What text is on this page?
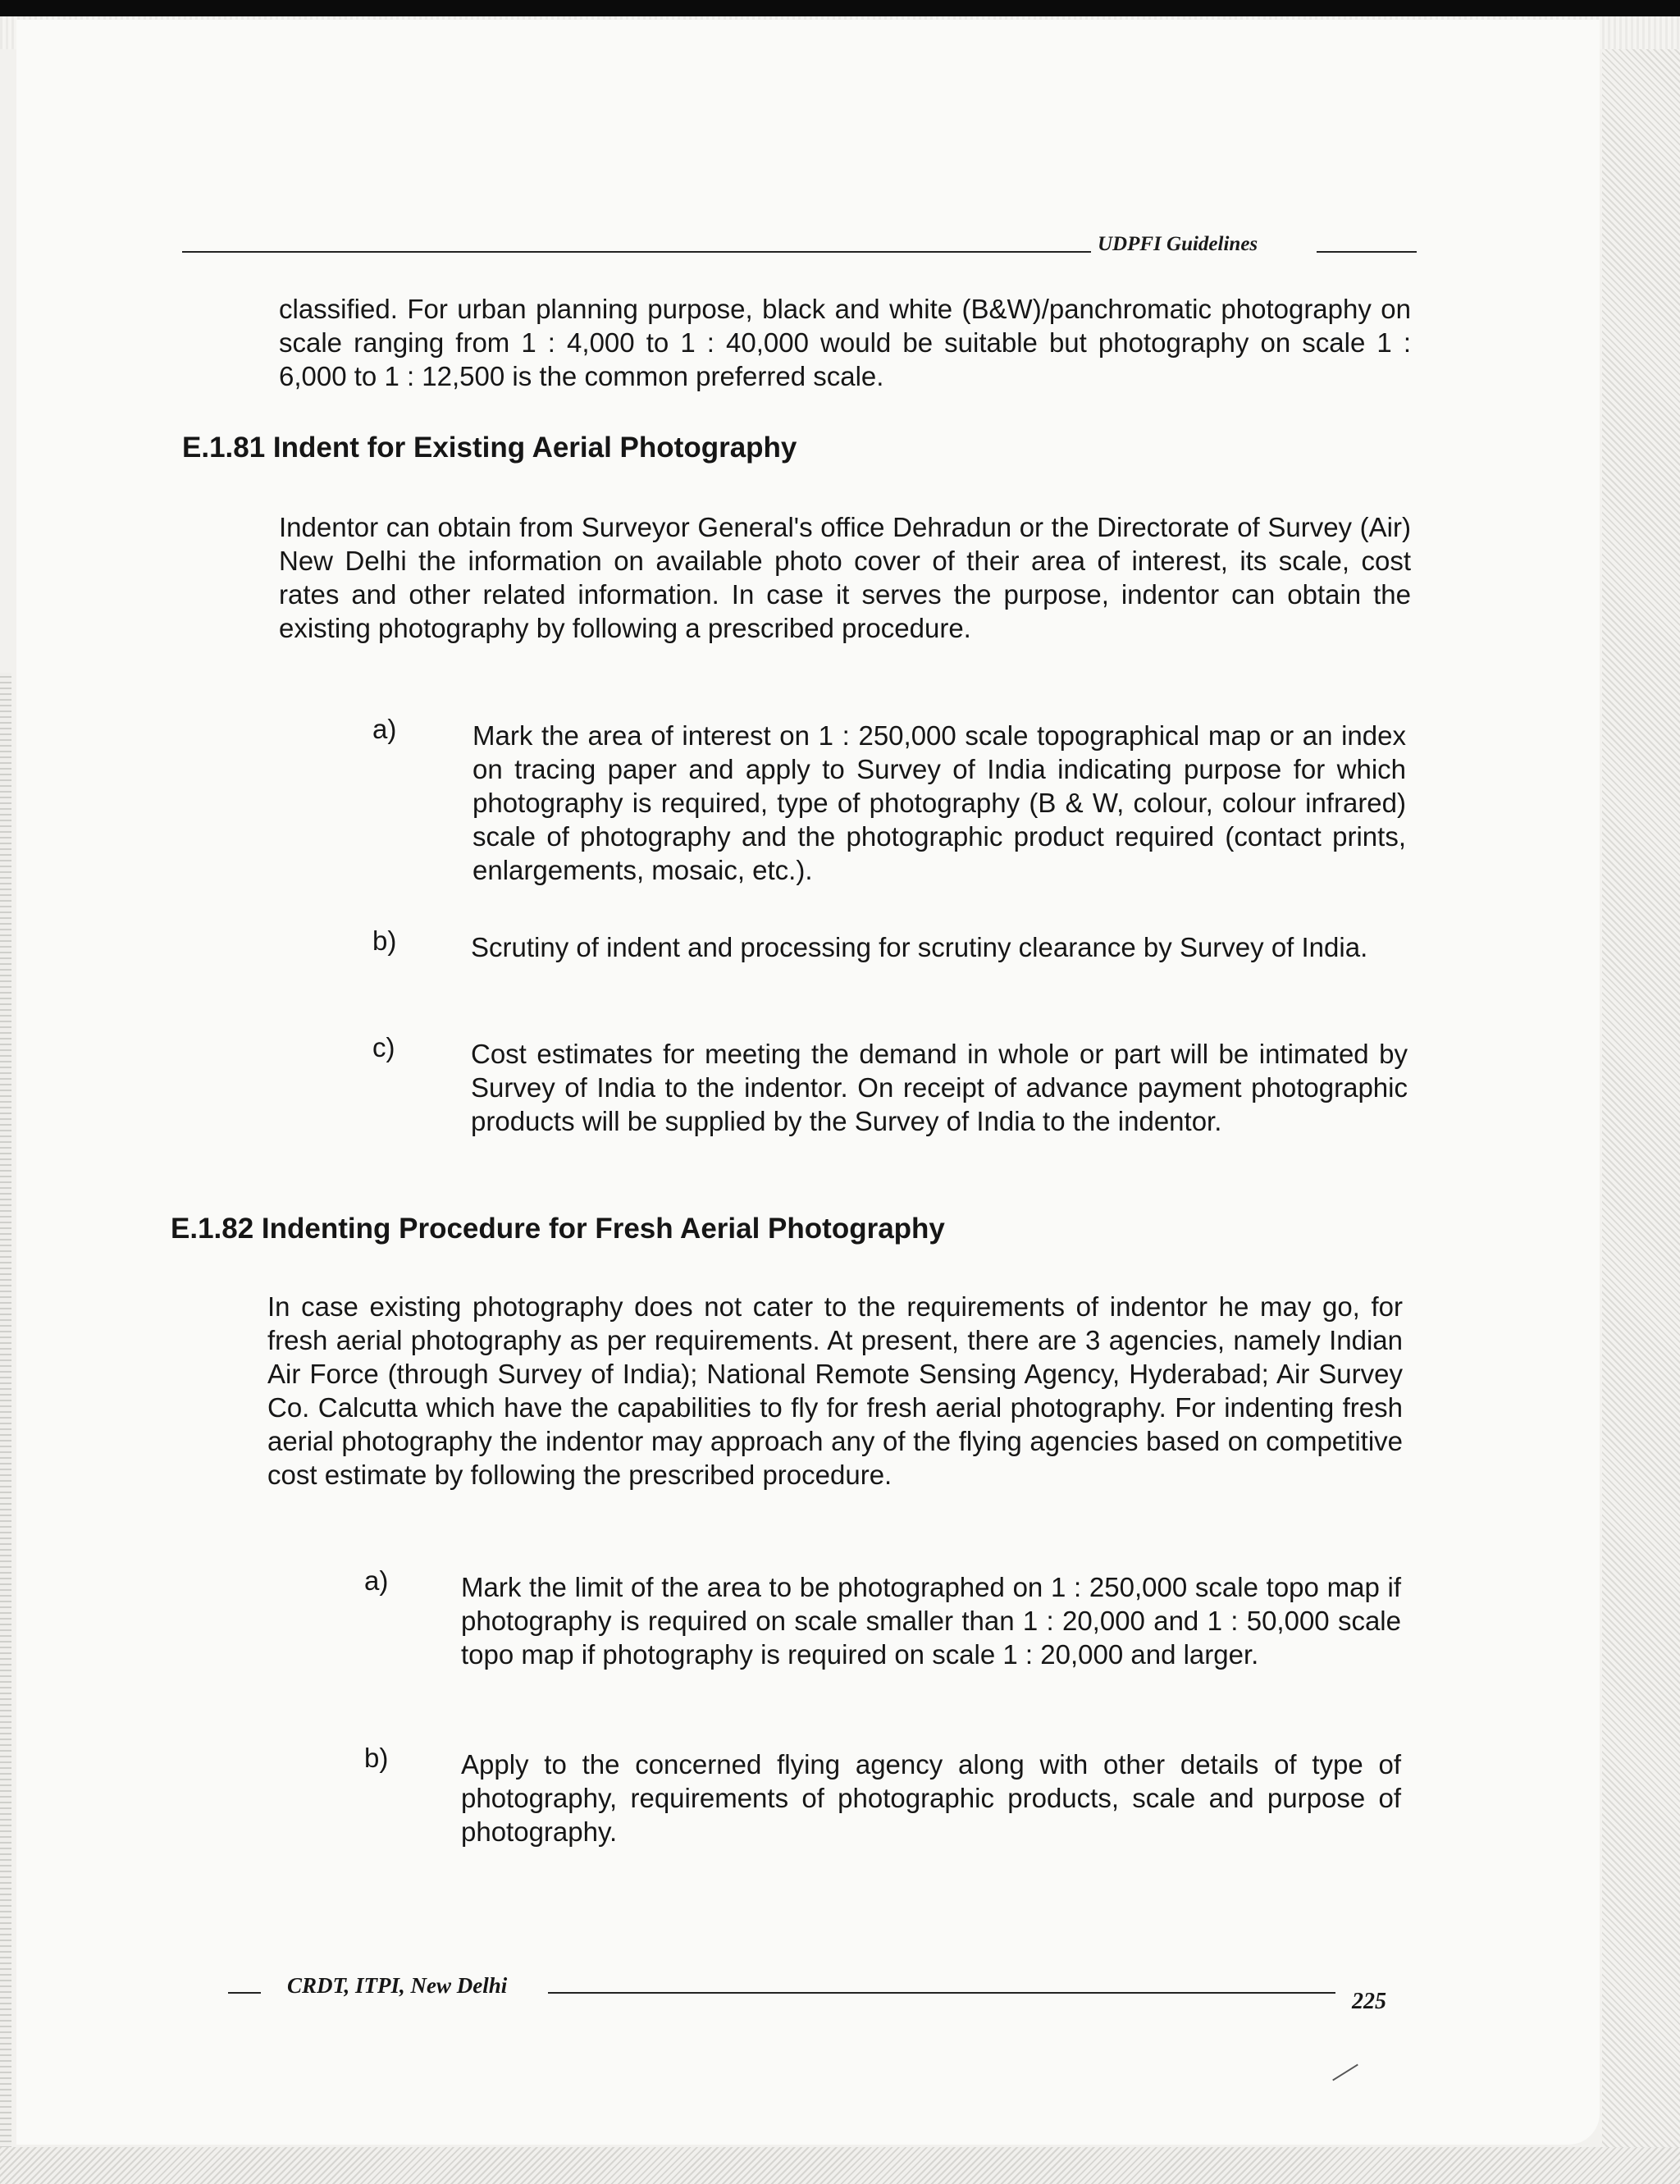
UDPFI Guidelines

classified. For urban planning purpose, black and white (B&W)/panchromatic photography on scale ranging from 1 : 4,000 to 1 : 40,000 would be suitable but photography on scale 1 : 6,000 to 1 : 12,500 is the common preferred scale.

E.1.81 Indent for Existing Aerial Photography

Indentor can obtain from Surveyor General's office Dehradun or the Directorate of Survey (Air) New Delhi the information on available photo cover of their area of interest, its scale, cost rates and other related information. In case it serves the purpose, indentor can obtain the existing photography by following a prescribed procedure.

a)	Mark the area of interest on 1 : 250,000 scale topographical map or an index on tracing paper and apply to Survey of India indicating purpose for which photography is required, type of photography (B & W, colour, colour infrared) scale of photography and the photographic product required (contact prints, enlargements, mosaic, etc.).

b)	Scrutiny of indent and processing for scrutiny clearance by Survey of India.

c)	Cost estimates for meeting the demand in whole or part will be intimated by Survey of India to the indentor. On receipt of advance payment photographic products will be supplied by the Survey of India to the indentor.

E.1.82 Indenting Procedure for Fresh Aerial Photography

In case existing photography does not cater to the requirements of indentor he may go, for fresh aerial photography as per requirements. At present, there are 3 agencies, namely Indian Air Force (through Survey of India); National Remote Sensing Agency, Hyderabad; Air Survey Co. Calcutta which have the capabilities to fly for fresh aerial photography. For indenting fresh aerial photography the indentor may approach any of the flying agencies based on competitive cost estimate by following the prescribed procedure.

a)	Mark the limit of the area to be photographed on 1 : 250,000 scale topo map if photography is required on scale smaller than 1 : 20,000 and 1 : 50,000 scale topo map if photography is required on scale 1 : 20,000 and larger.

b)	Apply to the concerned flying agency along with other details of type of photography, requirements of photographic products, scale and purpose of photography.

CRDT, ITPI, New Delhi
225
